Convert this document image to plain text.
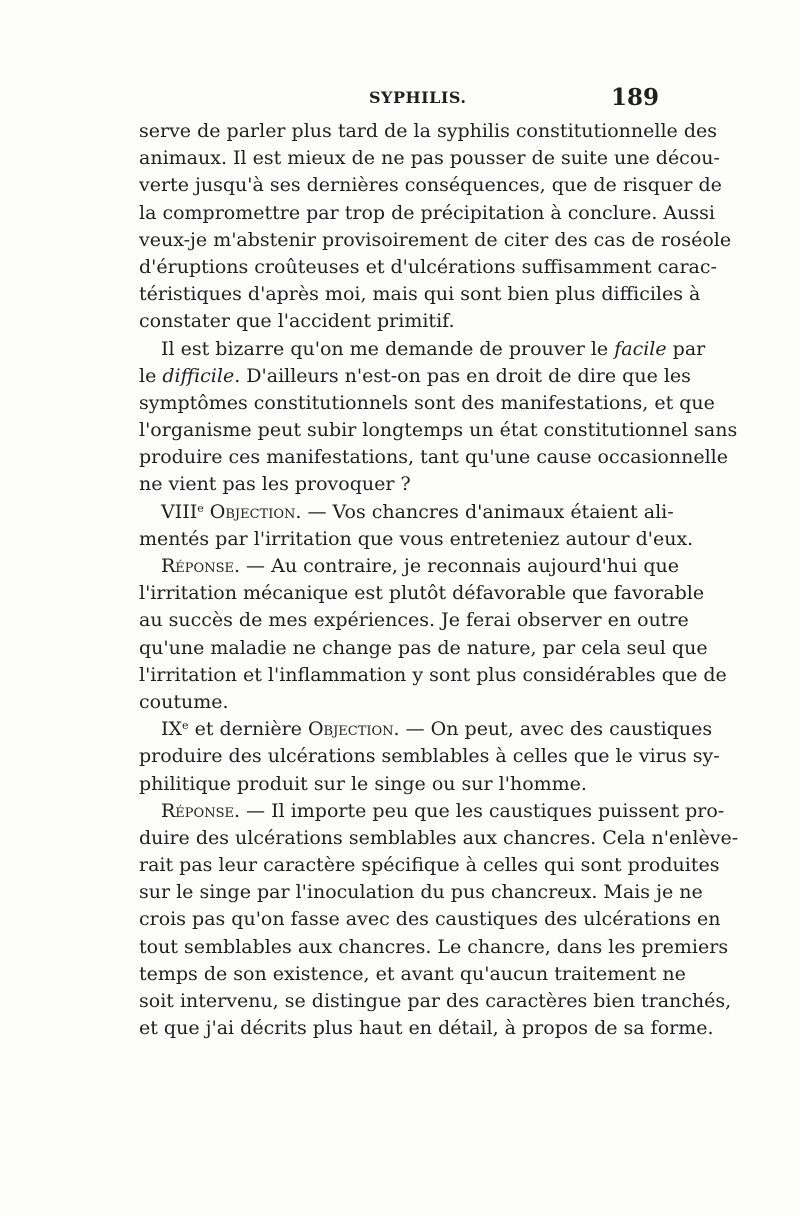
SYPHILIS.	189
serve de parler plus tard de la syphilis constitutionnelle des
animaux. Il est mieux de ne pas pousser de suite une décou-
verte jusqu'à ses dernières conséquences, que de risquer de
la compromettre par trop de précipitation à conclure. Aussi
veux-je m'abstenir provisoirement de citer des cas de roséole
d'éruptions croûteuses et d'ulcérations suffisamment carac-
téristiques d'après moi, mais qui sont bien plus difficiles à
constater que l'accident primitif.
Il est bizarre qu'on me demande de prouver le facile par
le difficile. D'ailleurs n'est-on pas en droit de dire que les
symptômes constitutionnels sont des manifestations, et que
l'organisme peut subir longtemps un état constitutionnel sans
produire ces manifestations, tant qu'une cause occasionnelle
ne vient pas les provoquer ?
VIIIe Objection. — Vos chancres d'animaux étaient ali-
mentés par l'irritation que vous entreteniez autour d'eux.
Réponse. — Au contraire, je reconnais aujourd'hui que
l'irritation mécanique est plutôt défavorable que favorable
au succès de mes expériences. Je ferai observer en outre
qu'une maladie ne change pas de nature, par cela seul que
l'irritation et l'inflammation y sont plus considérables que de
coutume.
IXe et dernière Objection. — On peut, avec des caustiques
produire des ulcérations semblables à celles que le virus sy-
philitique produit sur le singe ou sur l'homme.
Réponse. — Il importe peu que les caustiques puissent pro-
duire des ulcérations semblables aux chancres. Cela n'enlève-
rait pas leur caractère spécifique à celles qui sont produites
sur le singe par l'inoculation du pus chancreux. Mais je ne
crois pas qu'on fasse avec des caustiques des ulcérations en
tout semblables aux chancres. Le chancre, dans les premiers
temps de son existence, et avant qu'aucun traitement ne
soit intervenu, se distingue par des caractères bien tranchés,
et que j'ai décrits plus haut en détail, à propos de sa forme.
